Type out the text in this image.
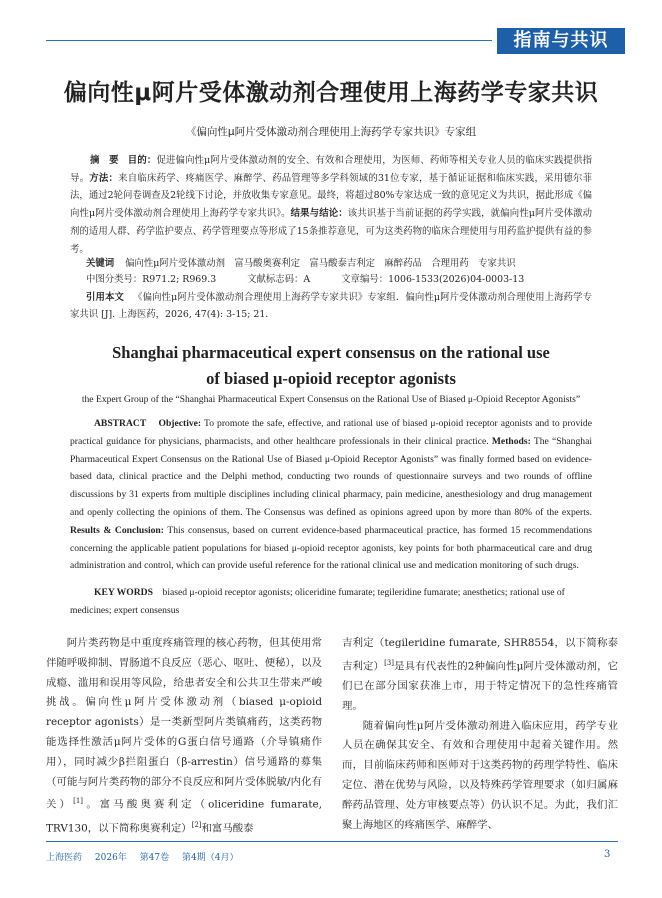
指南与共识
偏向性μ阿片受体激动剂合理使用上海药学专家共识
《偏向性μ阿片受体激动剂合理使用上海药学专家共识》专家组
摘　要 目的：促进偏向性μ阿片受体激动剂的安全、有效和合理使用，为医师、药师等相关专业人员的临床实践提供指导。方法：来自临床药学、疼痛医学、麻醉学、药品管理等多学科领域的31位专家，基于循证证据和临床实践，采用德尔菲法，通过2轮问卷调查及2轮线下讨论，并放收集专家意见。最终，将超过80%专家达成一致的意见定义为共识，据此形成《偏向性μ阿片受体激动剂合理使用上海药学专家共识》。结果与结论：该共识基于当前证据的药学实践，就偏向性μ阿片受体激动剂的适用人群、药学监护要点、药学管理要点等形成了15条推荐意见，可为这类药物的临床合理使用与用药监护提供有益的参考。
关键词 偏向性μ阿片受体激动剂　富马酸奥赛利定　富马酸泰吉利定　麻醉药品　合理用药　专家共识
中图分类号：R971.2; R969.3	文献标志码：A	文章编号：1006-1533(2026)04-0003-13
引用本文 《偏向性μ阿片受体激动剂合理使用上海药学专家共识》专家组．偏向性μ阿片受体激动剂合理使用上海药学专家共识 [J]. 上海医药，2026, 47(4): 3-15; 21.
Shanghai pharmaceutical expert consensus on the rational use
of biased μ-opioid receptor agonists
the Expert Group of the “Shanghai Pharmaceutical Expert Consensus on the Rational Use of Biased μ-Opioid Receptor Agonists”
ABSTRACT Objective: To promote the safe, effective, and rational use of biased μ-opioid receptor agonists and to provide practical guidance for physicians, pharmacists, and other healthcare professionals in their clinical practice. Methods: The “Shanghai Pharmaceutical Expert Consensus on the Rational Use of Biased μ-Opioid Receptor Agonists” was finally formed based on evidence-based data, clinical practice and the Delphi method, conducting two rounds of questionnaire surveys and two rounds of offline discussions by 31 experts from multiple disciplines including clinical pharmacy, pain medicine, anesthesiology and drug management and openly collecting the opinions of them. The Consensus was defined as opinions agreed upon by more than 80% of the experts. Results & Conclusion: This consensus, based on current evidence-based pharmaceutical practice, has formed 15 recommendations concerning the applicable patient populations for biased μ-opioid receptor agonists, key points for both pharmaceutical care and drug administration and control, which can provide useful reference for the rational clinical use and medication monitoring of such drugs.
KEY WORDS biased μ-opioid receptor agonists; oliceridine fumarate; tegileridine fumarate; anesthetics; rational use of medicines; expert consensus

阿片类药物是中重度疼痛管理的核心药物，但其使用常伴随呼吸抑制、胃肠道不良反应（恶心、呕吐、便秘），以及成瘾、滥用和误用等风险，给患者安全和公共卫生带来严峻挑战。偏向性μ阿片受体激动剂（biased μ-opioid receptor agonists）是一类新型阿片类镇痛药，这类药物能选择性激活μ阿片受体的G蛋白信号通路（介导镇痛作用），同时减少β拦阻蛋白（β-arrestin）信号通路的募集（可能与阿片类药物的部分不良反应和阿片受体脱敏/内化有关）[1]。富马酸奥赛利定（oliceridine fumarate, TRV130，以下简称奥赛利定）[2]和富马酸泰

吉利定（tegileridine fumarate, SHR8554，以下简称泰吉利定）[3]是具有代表性的2种偏向性μ阿片受体激动剂，它们已在部分国家获准上市，用于特定情况下的急性疼痛管理。

随着偏向性μ阿片受体激动剂进入临床应用，药学专业人员在确保其安全、有效和合理使用中起着关键作用。然而，目前临床药师和医师对于这类药物的药理学特性、临床定位、潜在优势与风险，以及特殊药学管理要求（如归属麻醉药品管理、处方审核要点等）仍认识不足。为此，我们汇聚上海地区的疼痛医学、麻醉学、

上海医药 2026年 第47卷 第4期（4月）	3
